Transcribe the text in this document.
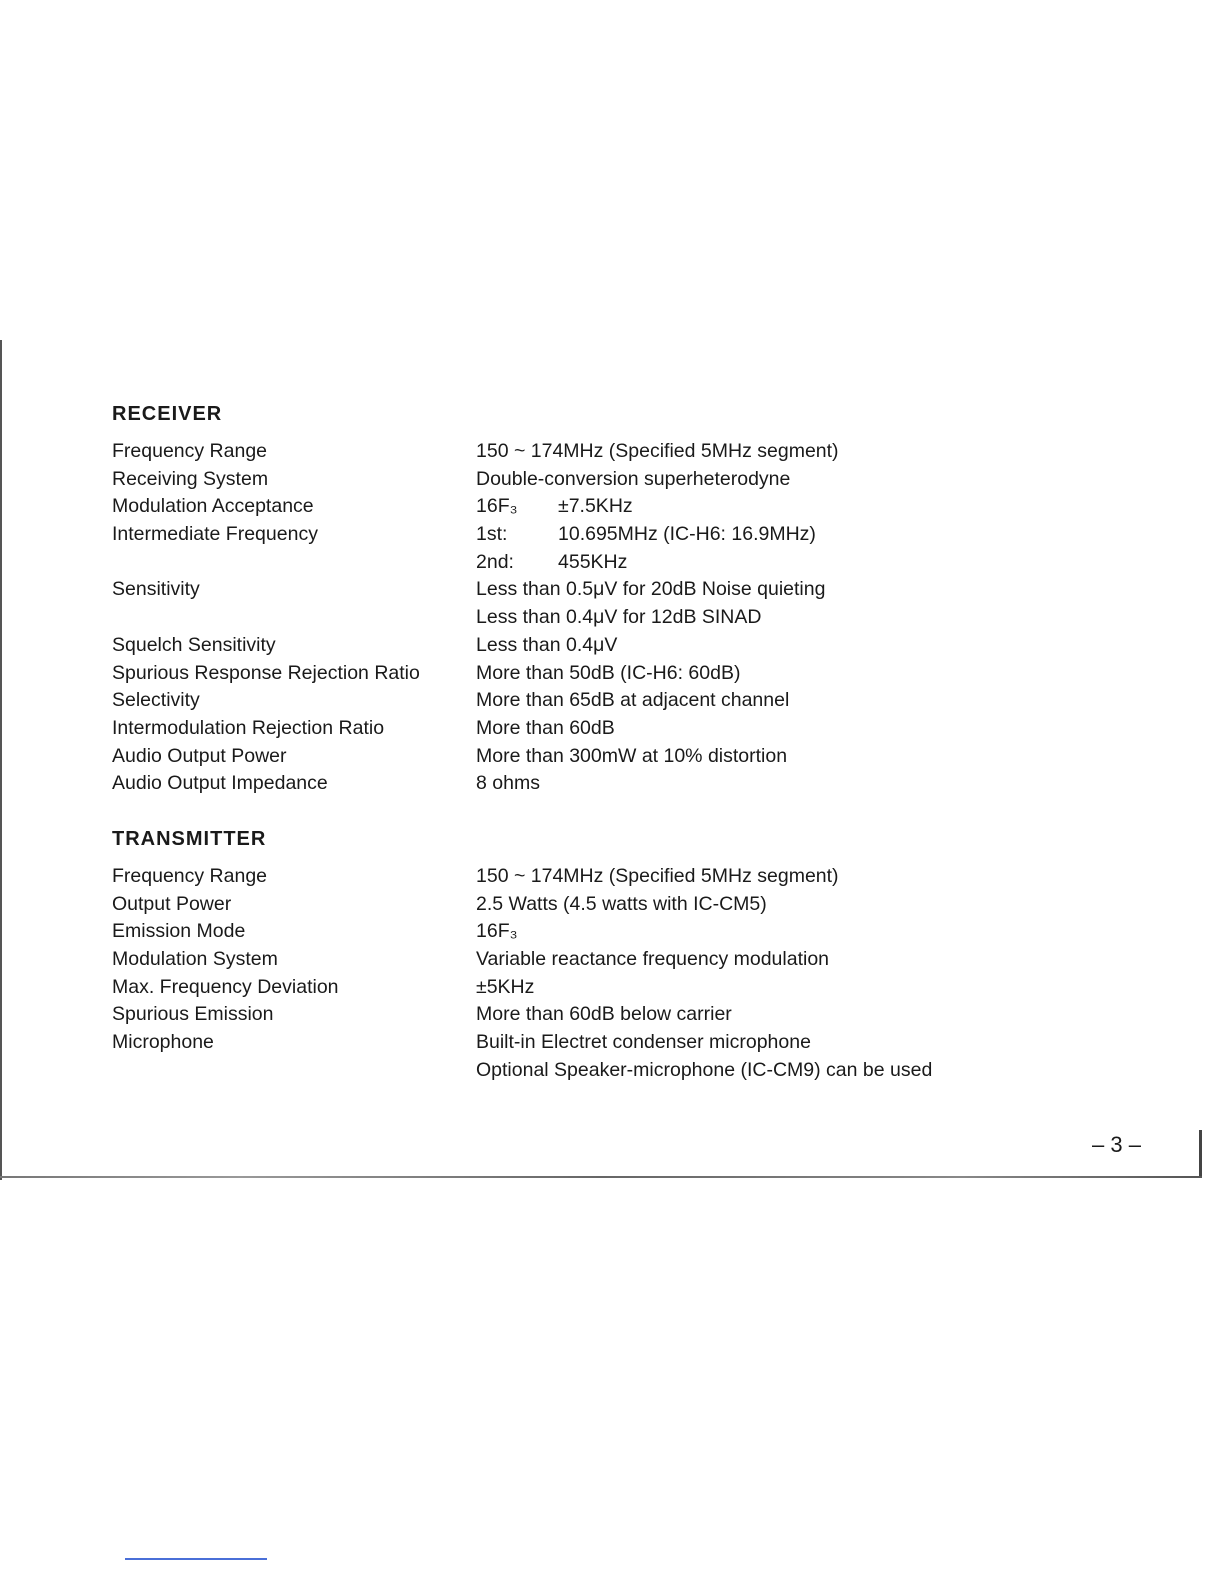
RECEIVER
Frequency Range	150 ~ 174MHz (Specified 5MHz segment)
Receiving System	Double-conversion superheterodyne
Modulation Acceptance	16F₃ ±7.5KHz
Intermediate Frequency	1st:	10.695MHz (IC-H6: 16.9MHz)
2nd: 455KHz
Sensitivity	Less than 0.5μV for 20dB Noise quieting
Less than 0.4μV for 12dB SINAD
Squelch Sensitivity	Less than 0.4μV
Spurious Response Rejection Ratio	More than 50dB (IC-H6: 60dB)
Selectivity	More than 65dB at adjacent channel
Intermodulation Rejection Ratio	More than 60dB
Audio Output Power	More than 300mW at 10% distortion
Audio Output Impedance	8 ohms
TRANSMITTER
Frequency Range	150 ~ 174MHz (Specified 5MHz segment)
Output Power	2.5 Watts (4.5 watts with IC-CM5)
Emission Mode	16F₃
Modulation System	Variable reactance frequency modulation
Max. Frequency Deviation	±5KHz
Spurious Emission	More than 60dB below carrier
Microphone	Built-in Electret condenser microphone
Optional Speaker-microphone (IC-CM9) can be used
– 3 –
